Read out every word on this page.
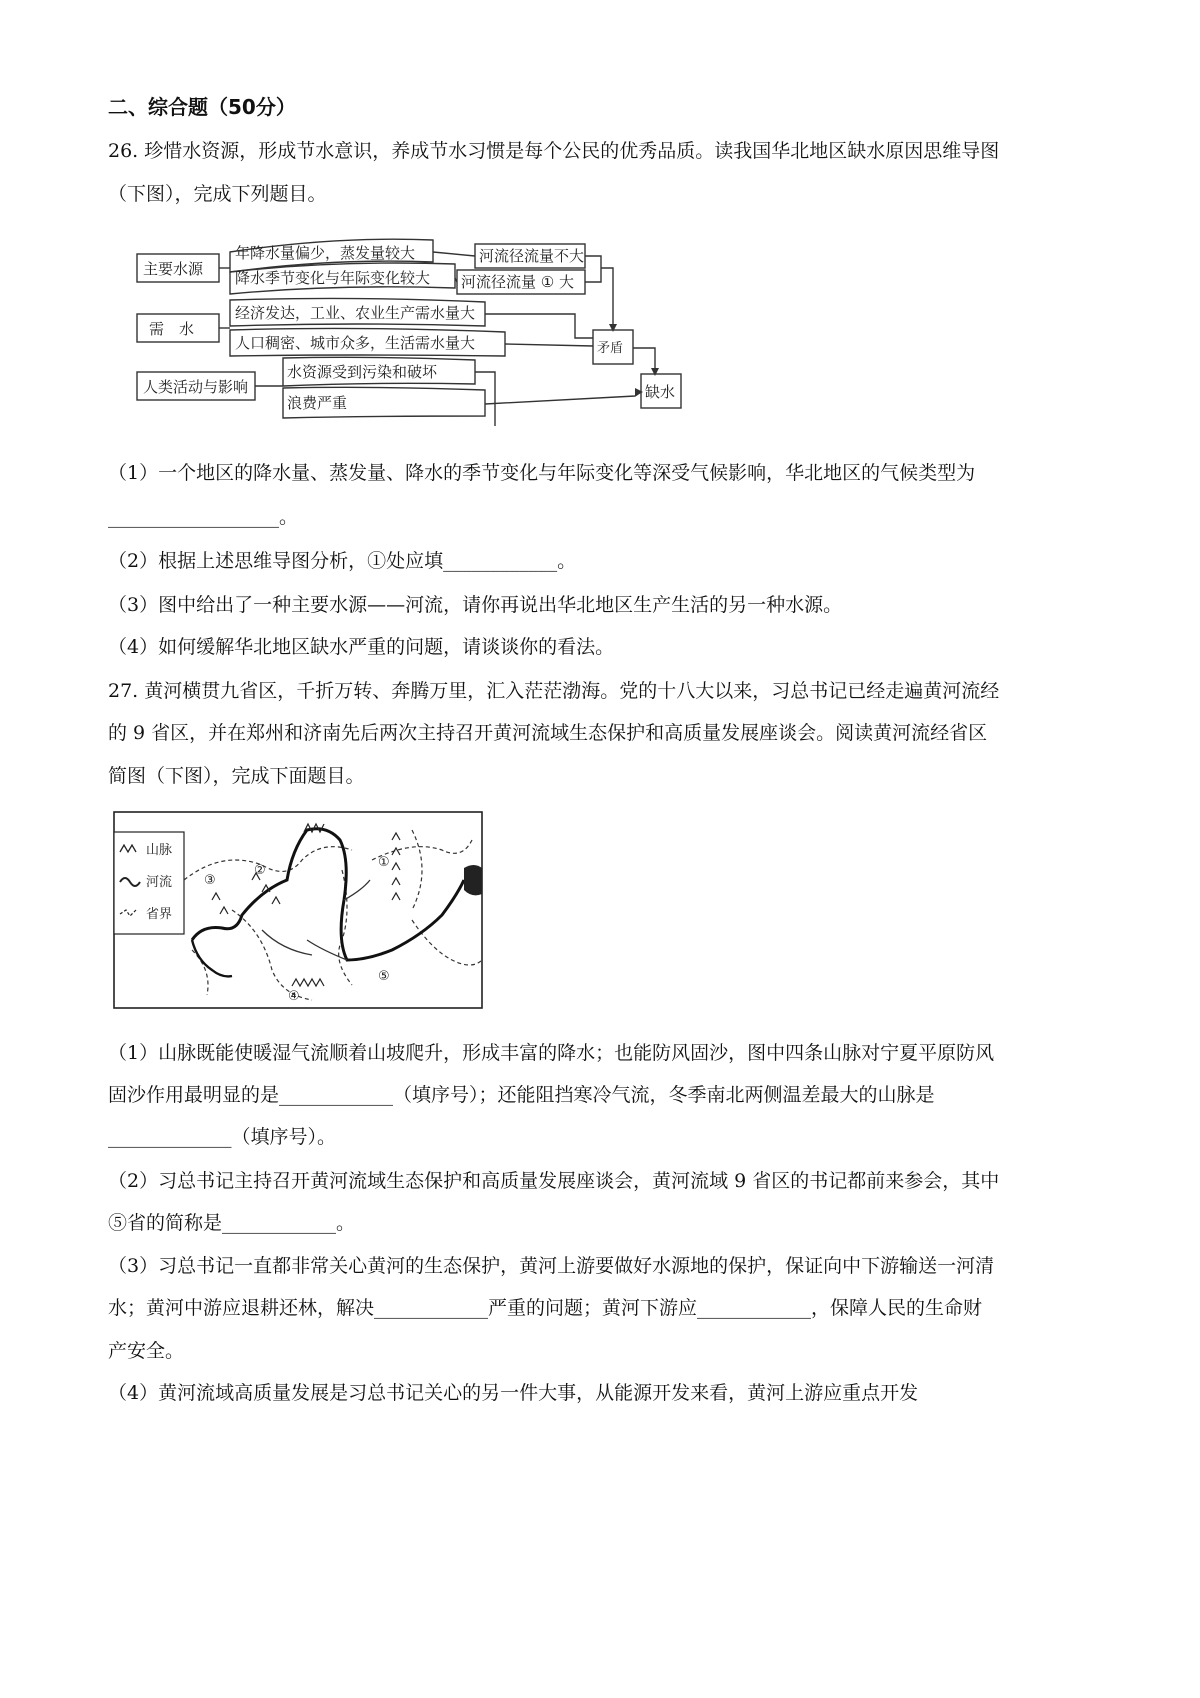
二、综合题（50分）
26. 珍惜水资源，形成节水意识，养成节水习惯是每个公民的优秀品质。读我国华北地区缺水原因思维导图
（下图），完成下列题目。
主要水源
需　水
人类活动与影响
年降水量偏少，蒸发量较大
降水季节变化与年际变化较大
河流径流量不大
河流径流量 ① 大
经济发达，工业、农业生产需水量大
人口稠密、城市众多，生活需水量大
水资源受到污染和破坏
浪费严重
矛盾
缺水
（1）一个地区的降水量、蒸发量、降水的季节变化与年际变化等深受气候影响，华北地区的气候类型为
__________________。
（2）根据上述思维导图分析，①处应填____________。
（3）图中给出了一种主要水源——河流，请你再说出华北地区生产生活的另一种水源。
（4）如何缓解华北地区缺水严重的问题，请谈谈你的看法。
27. 黄河横贯九省区，千折万转、奔腾万里，汇入茫茫渤海。党的十八大以来，习总书记已经走遍黄河流经
的 9 省区，并在郑州和济南先后两次主持召开黄河流域生态保护和高质量发展座谈会。阅读黄河流经省区
简图（下图），完成下面题目。
山脉
河流
省界
①
②
③
④
⑤
（1）山脉既能使暖湿气流顺着山坡爬升，形成丰富的降水；也能防风固沙，图中四条山脉对宁夏平原防风
固沙作用最明显的是____________（填序号）；还能阻挡寒冷气流，冬季南北两侧温差最大的山脉是
_____________（填序号）。
（2）习总书记主持召开黄河流域生态保护和高质量发展座谈会，黄河流域 9 省区的书记都前来参会，其中
⑤省的简称是____________。
（3）习总书记一直都非常关心黄河的生态保护，黄河上游要做好水源地的保护，保证向中下游输送一河清
水；黄河中游应退耕还林，解决____________严重的问题；黄河下游应____________，保障人民的生命财
产安全。
（4）黄河流域高质量发展是习总书记关心的另一件大事，从能源开发来看，黄河上游应重点开发
